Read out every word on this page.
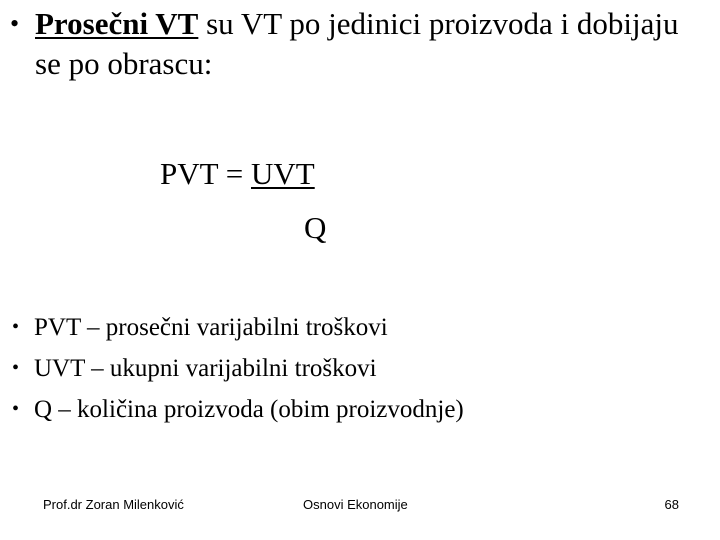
• Prosečni VT su VT po jedinici proizvoda i dobijaju se po obrascu:
PVT = UVT
Q
• PVT – prosečni varijabilni troškovi
• UVT – ukupni varijabilni troškovi
• Q – količina proizvoda (obim proizvodnje)
Prof.dr Zoran Milenković	Osnovi Ekonomije	68
